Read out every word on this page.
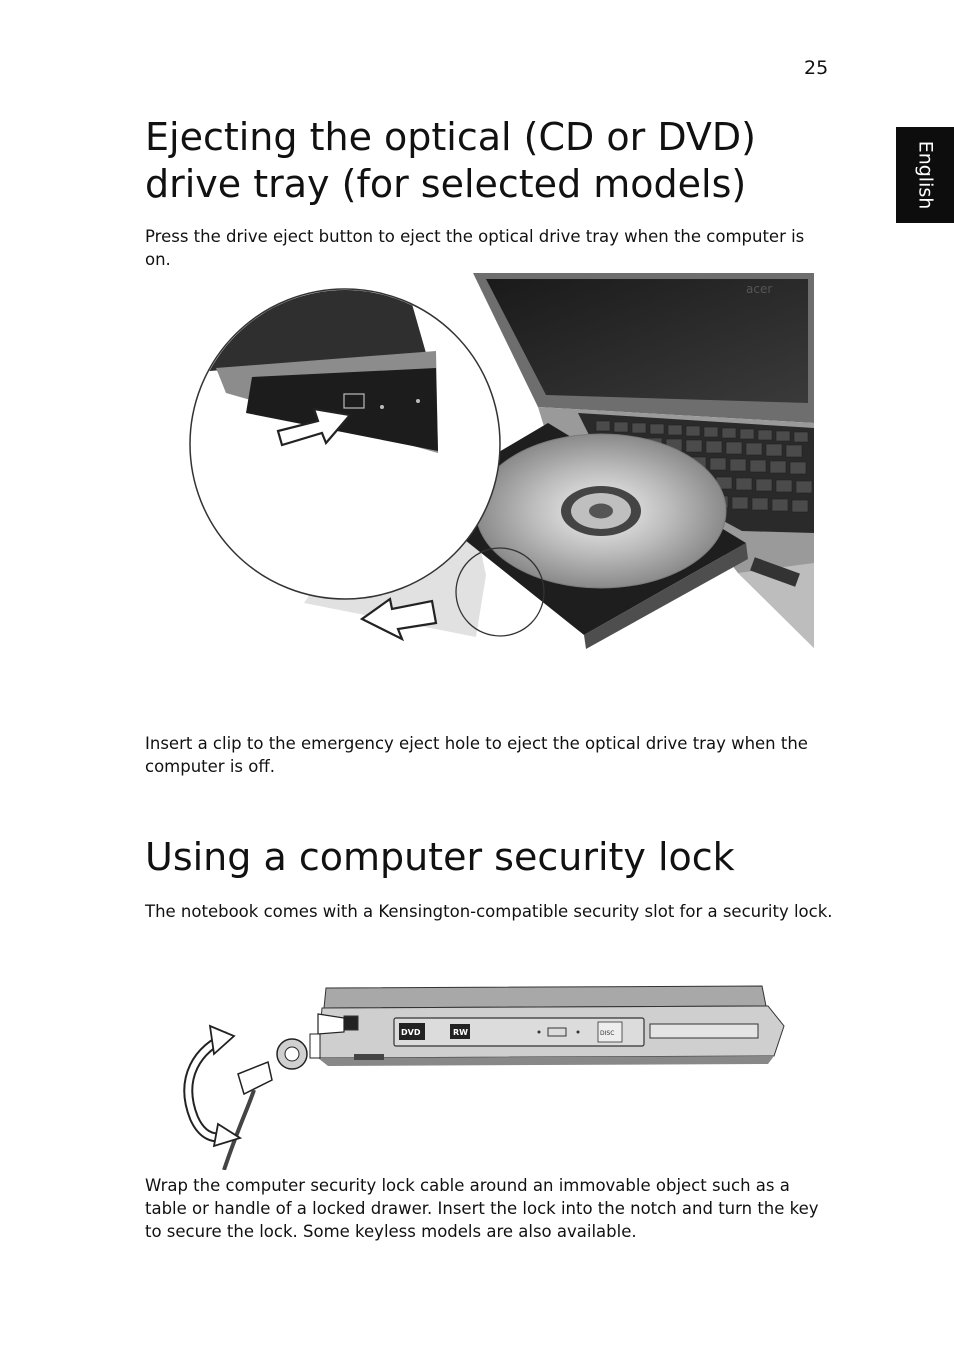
25
English
Ejecting the optical (CD or DVD)
drive tray (for selected models)

Press the drive eject button to eject the optical drive tray when the computer is on.

acer

Insert a clip to the emergency eject hole to eject the optical drive tray when the computer is off.

Using a computer security lock

The notebook comes with a Kensington-compatible security slot for a security lock.

DVD	RW	DISC

Wrap the computer security lock cable around an immovable object such as a table or handle of a locked drawer. Insert the lock into the notch and turn the key to secure the lock. Some keyless models are also available.
